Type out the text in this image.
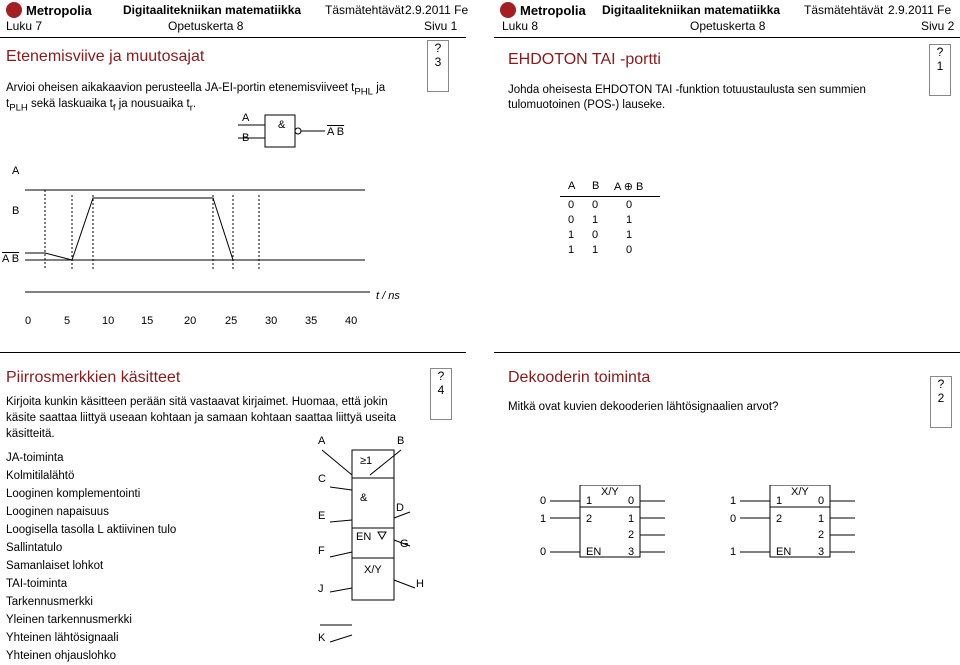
Metropolia	Digitaalitekniikan matematiikka Täsmätehtävät 2.9.2011 Fe
Luku 7	Opetuskerta 8	Sivu 1
Etenemisviive ja muutosajat	?
3
Arvioi oheisen aikakaavion perusteella JA-EI-portin etenemisviiveet $t_{PHL}$ ja
$t_{PLH}$ sekä laskuaika $t_f$ ja nousuaika $t_r$.
A
B
&
A B
A
B
A B
t / ns
0	5	10 15	20	25	30	35	40
Metropolia Digitaalitekniikan matematiikka Täsmätehtävät 2.9.2011 Fe
Luku 8	Opetuskerta 8	Sivu 2
EHDOTON TAI -portti	?
1
Johda oheisesta EHDOTON TAI -funktion totuustaulusta sen summien
tulomuotoinen (POS-) lauseke.
A B A ⊕ B
0 0	0
0 1	1
1 0	1
1 1	0
Piirrosmerkkien käsitteet	?
4
Kirjoita kunkin käsitteen perään sitä vastaavat kirjaimet. Huomaa, että jokin
käsite saattaa liittyä useaan kohtaan ja samaan kohtaan saattaa liittyä useita
käsitteitä.
JA-toiminta
Kolmitilalähtö
Looginen komplementointi
Looginen napaisuus
Loogisella tasolla L aktiivinen tulo
Sallintatulo
Samanlaiset lohkot
TAI-toiminta
Tarkennusmerkki
Yleinen tarkennusmerkki
Yhteinen lähtösignaali
Yhteinen ohjauslohko
A	B
≥1
C
&
D
E
EN
G
F
X/Y
H
J
K
Dekooderin toiminta	?
2
Mitkä ovat kuvien dekooderien lähtösignaalien arvot?
0
1
0
X/Y
1
2
EN
0
1
2
3
1
0
1
X/Y
1
2
EN
0
1
2
3
